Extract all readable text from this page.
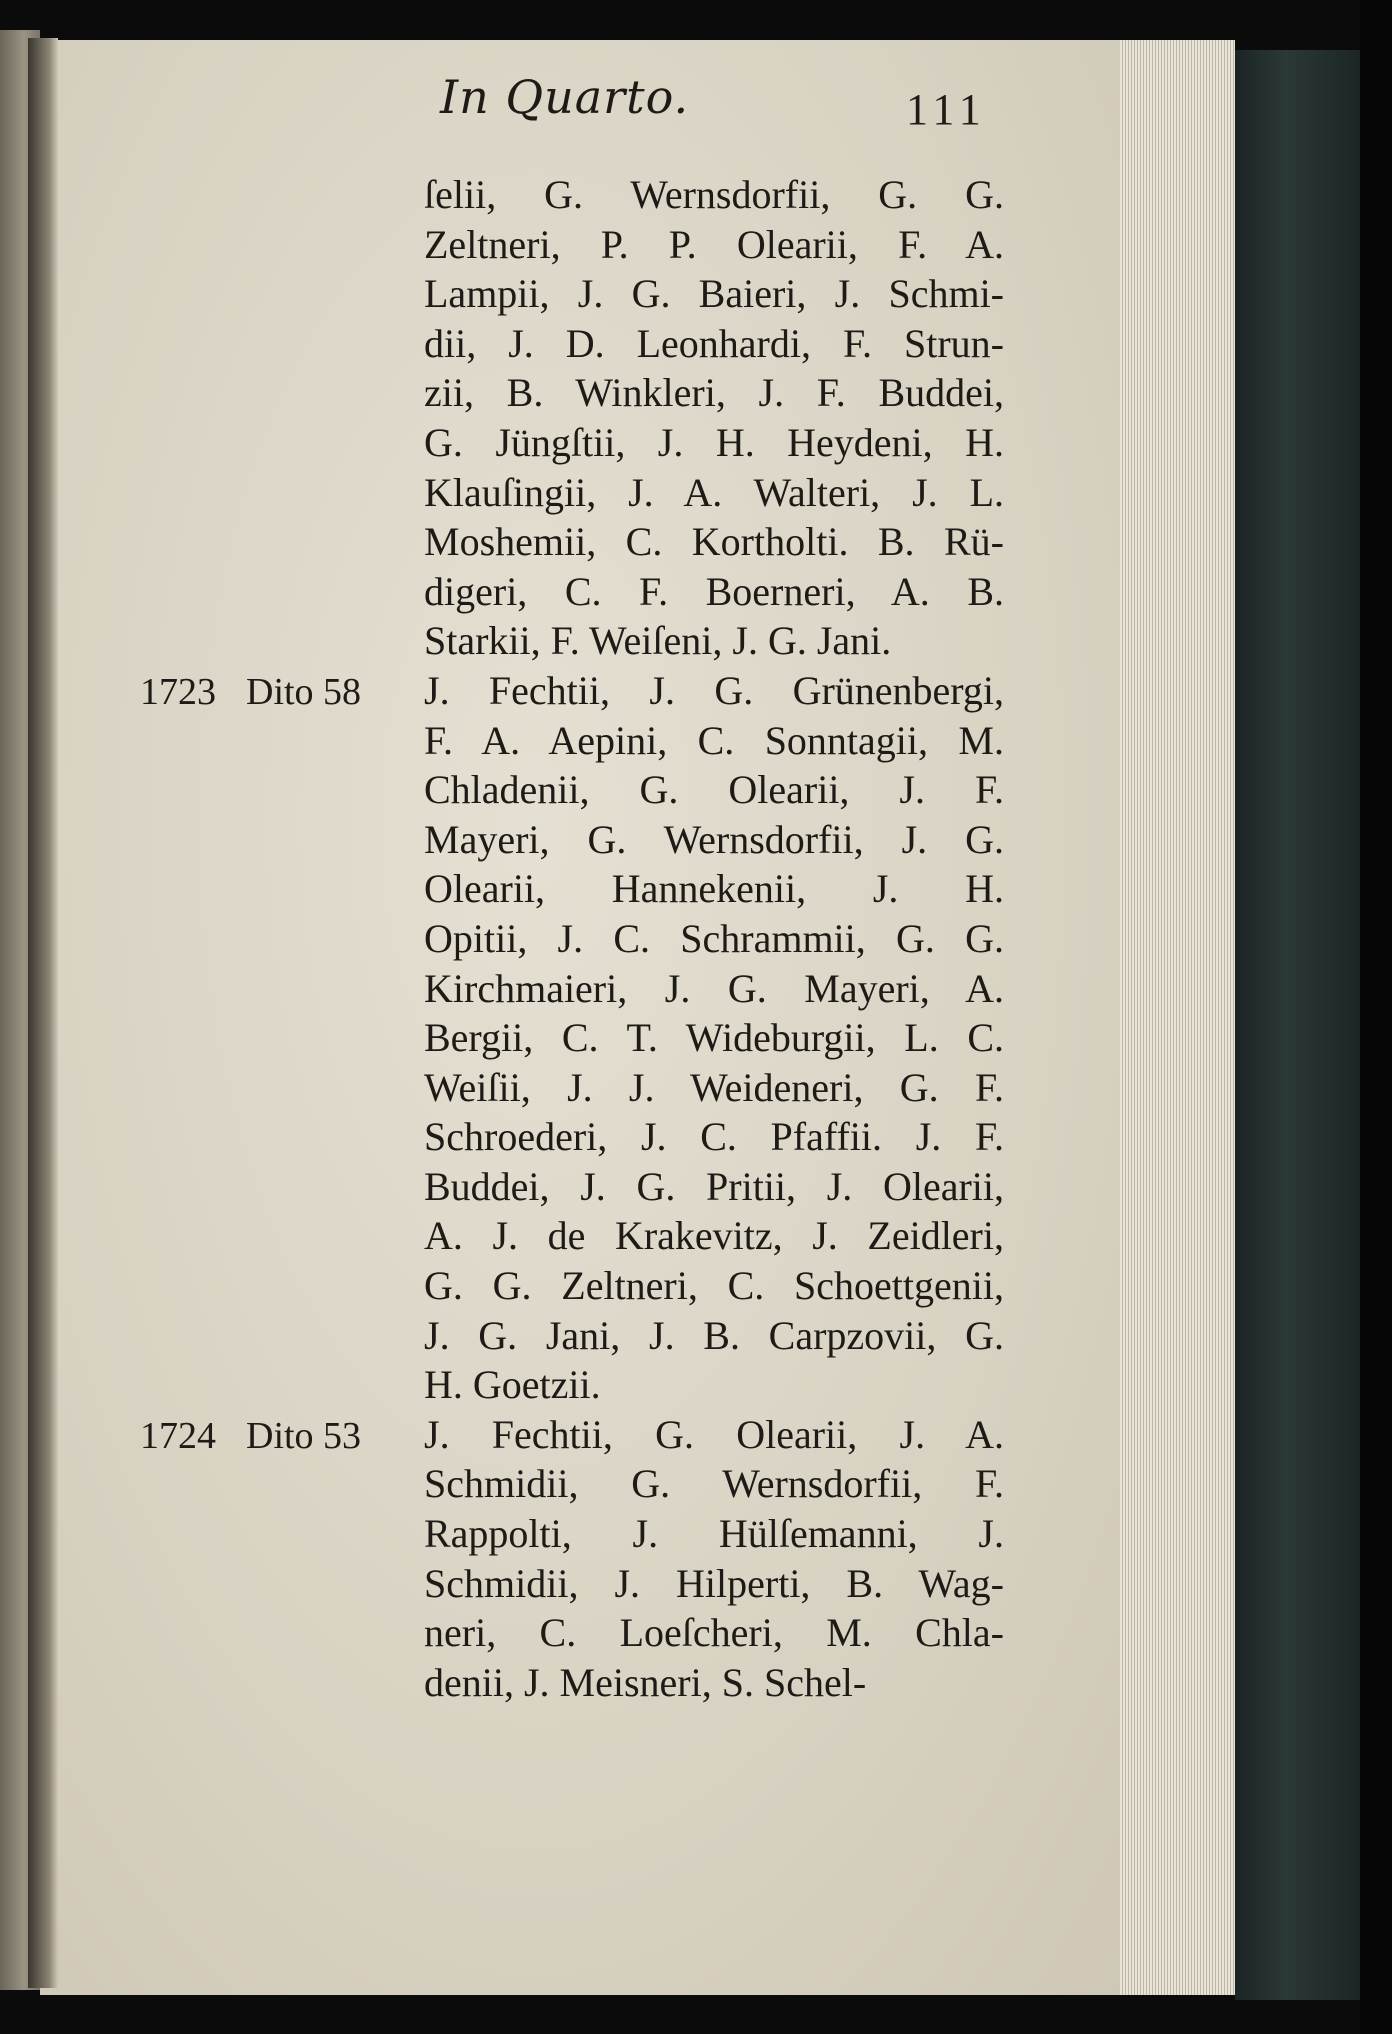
In Quarto.	111
ſelii, G. Wernsdorfii, G. G.
Zeltneri, P. P. Olearii, F. A.
Lampii, J. G. Baieri, J. Schmi-
dii, J. D. Leonhardi, F. Strun-
zii, B. Winkleri, J. F. Buddei,
G. Jüngſtii, J. H. Heydeni, H.
Klauſingii, J. A. Walteri, J. L.
Moshemii, C. Kortholti. B. Rü-
digeri, C. F. Boerneri, A. B.
Starkii, F. Weiſeni, J. G. Jani.
J. Fechtii, J. G. Grünenbergi,
F. A. Aepini, C. Sonntagii, M.
Chladenii, G. Olearii, J. F.
Mayeri, G. Wernsdorfii, J. G.
Olearii, Hannekenii, J. H.
Opitii, J. C. Schrammii, G. G.
Kirchmaieri, J. G. Mayeri, A.
Bergii, C. T. Wideburgii, L. C.
Weiſii, J. J. Weideneri, G. F.
Schroederi, J. C. Pfaffii. J. F.
Buddei, J. G. Pritii, J. Olearii,
A. J. de Krakevitz, J. Zeidleri,
G. G. Zeltneri, C. Schoettgenii,
J. G. Jani, J. B. Carpzovii, G.
H. Goetzii.
J. Fechtii, G. Olearii, J. A.
Schmidii, G. Wernsdorfii, F.
Rappolti, J. Hülſemanni, J.
Schmidii, J. Hilperti, B. Wag-
neri, C. Loeſcheri, M. Chla-
denii, J. Meisneri, S. Schel-
1723 Dito 58
1724 Dito 53
